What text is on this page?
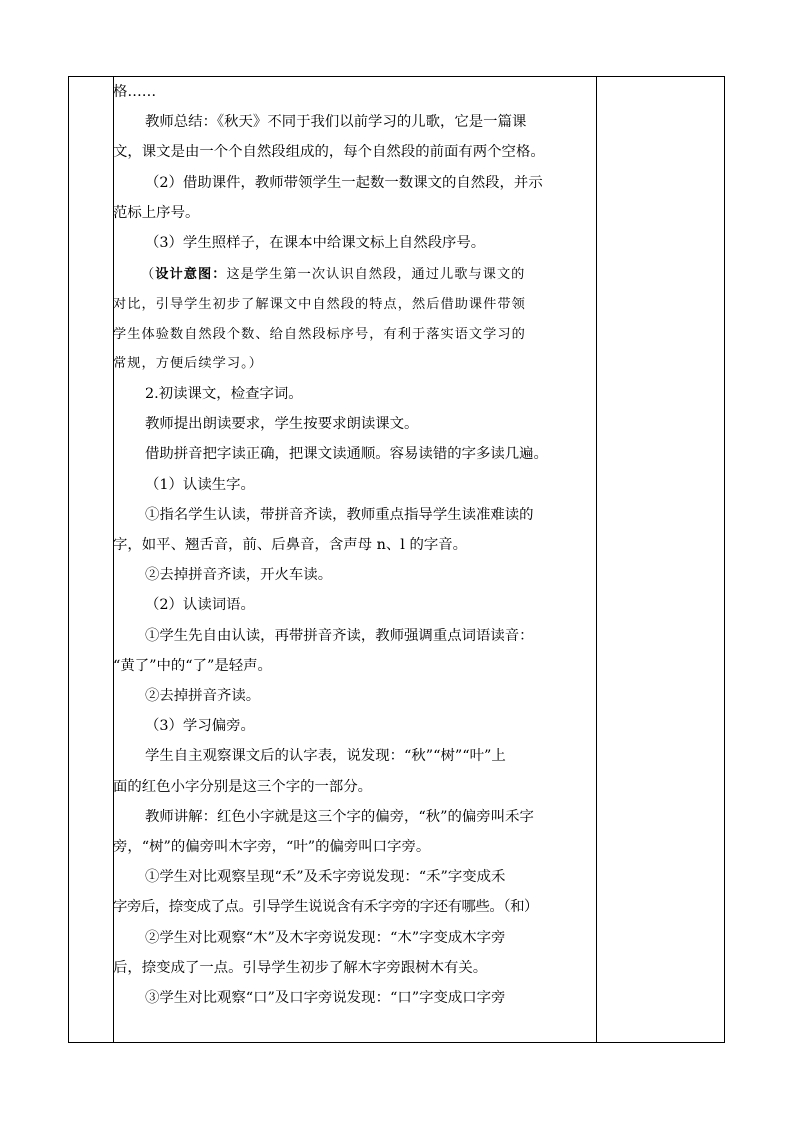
格……

教师总结：《秋天》不同于我们以前学习的儿歌，它是一篇课

文，课文是由一个个自然段组成的，每个自然段的前面有两个空格。

（2）借助课件，教师带领学生一起数一数课文的自然段，并示

范标上序号。

（3）学生照样子，在课本中给课文标上自然段序号。

（设计意图：这是学生第一次认识自然段，通过儿歌与课文的

对比，引导学生初步了解课文中自然段的特点，然后借助课件带领

学生体验数自然段个数、给自然段标序号，有利于落实语文学习的

常规，方便后续学习。）

2.初读课文，检查字词。

教师提出朗读要求，学生按要求朗读课文。

借助拼音把字读正确，把课文读通顺。容易读错的字多读几遍。

（1）认读生字。

①指名学生认读，带拼音齐读，教师重点指导学生读准难读的

字，如平、翘舌音，前、后鼻音，含声母 n、l 的字音。

②去掉拼音齐读，开火车读。

（2）认读词语。

①学生先自由认读，再带拼音齐读，教师强调重点词语读音：

“黄了”中的“了”是轻声。

②去掉拼音齐读。

（3）学习偏旁。

学生自主观察课文后的认字表，说发现：“秋”“树”“叶”上

面的红色小字分别是这三个字的一部分。

教师讲解：红色小字就是这三个字的偏旁，“秋”的偏旁叫禾字

旁，“树”的偏旁叫木字旁，“叶”的偏旁叫口字旁。

①学生对比观察呈现“禾”及禾字旁说发现：“禾”字变成禾

字旁后，捺变成了点。引导学生说说含有禾字旁的字还有哪些。（和）

②学生对比观察“木”及木字旁说发现：“木”字变成木字旁

后，捺变成了一点。引导学生初步了解木字旁跟树木有关。

③学生对比观察“口”及口字旁说发现：“口”字变成口字旁
